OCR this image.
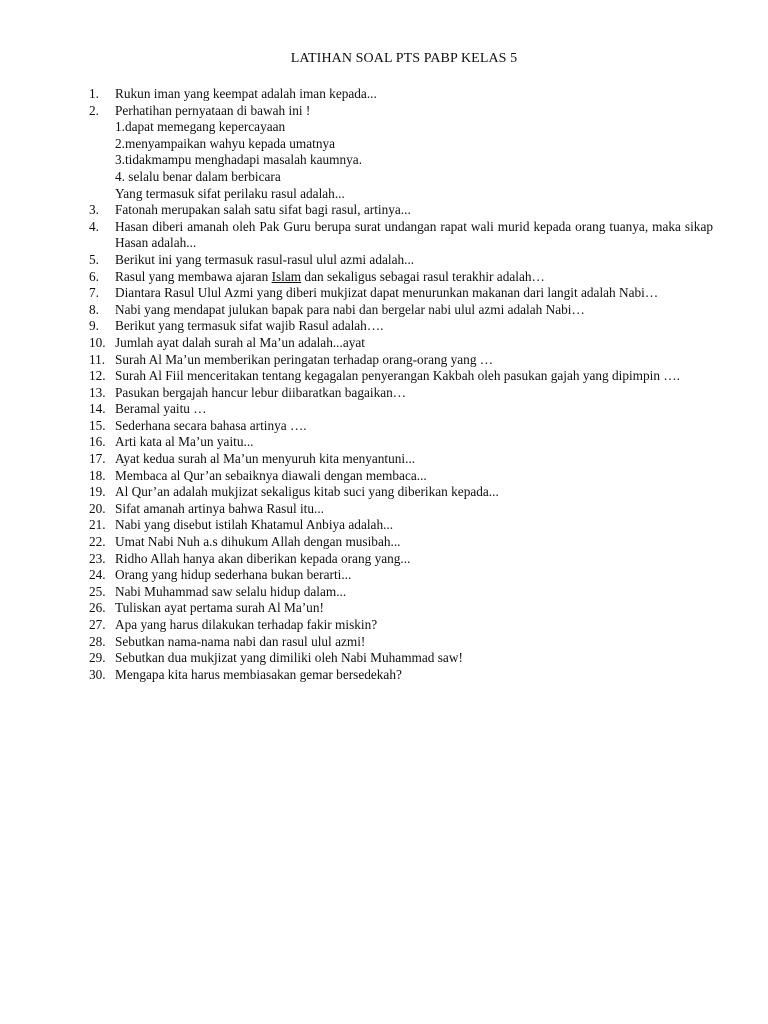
LATIHAN SOAL PTS PABP KELAS 5
1.	Rukun iman yang keempat adalah iman kepada...
2.	Perhatihan pernyataan di bawah ini !
1.dapat memegang kepercayaan
2.menyampaikan wahyu kepada umatnya
3.tidakmampu menghadapi masalah kaumnya.
4. selalu benar dalam berbicara
Yang termasuk sifat perilaku rasul adalah...
3.	Fatonah merupakan salah satu sifat bagi rasul, artinya...
4.	Hasan diberi amanah oleh Pak Guru berupa surat undangan rapat wali murid kepada orang tuanya, maka sikap Hasan adalah...
5.	Berikut ini yang termasuk rasul-rasul ulul azmi adalah...
6.	Rasul yang membawa ajaran Islam dan sekaligus sebagai rasul terakhir adalah…
7.	Diantara Rasul Ulul Azmi yang diberi mukjizat dapat menurunkan makanan dari langit adalah Nabi…
8.	Nabi yang mendapat julukan bapak para nabi dan bergelar nabi ulul azmi adalah Nabi…
9.	Berikut yang termasuk sifat wajib Rasul adalah….
10. Jumlah ayat dalah surah al Ma’un adalah...ayat
11. Surah Al Ma’un memberikan peringatan terhadap orang-orang yang …
12. Surah Al Fiil menceritakan tentang kegagalan penyerangan Kakbah oleh pasukan gajah yang dipimpin ….
13. Pasukan bergajah hancur lebur diibaratkan bagaikan…
14. Beramal yaitu …
15. Sederhana secara bahasa artinya ….
16. Arti kata al Ma’un yaitu...
17. Ayat kedua surah al Ma’un menyuruh kita menyantuni...
18. Membaca al Qur’an sebaiknya diawali dengan membaca...
19. Al Qur’an adalah mukjizat sekaligus kitab suci yang diberikan kepada...
20. Sifat amanah artinya bahwa Rasul itu...
21. Nabi yang disebut istilah Khatamul Anbiya adalah...
22. Umat Nabi Nuh a.s dihukum Allah dengan musibah...
23. Ridho Allah hanya akan diberikan kepada orang yang...
24. Orang yang hidup sederhana bukan berarti...
25. Nabi Muhammad saw selalu hidup dalam...
26. Tuliskan ayat pertama surah Al Ma’un!
27. Apa yang harus dilakukan terhadap fakir miskin?
28. Sebutkan nama-nama nabi dan rasul ulul azmi!
29. Sebutkan dua mukjizat yang dimiliki oleh Nabi Muhammad saw!
30. Mengapa kita harus membiasakan gemar bersedekah?
